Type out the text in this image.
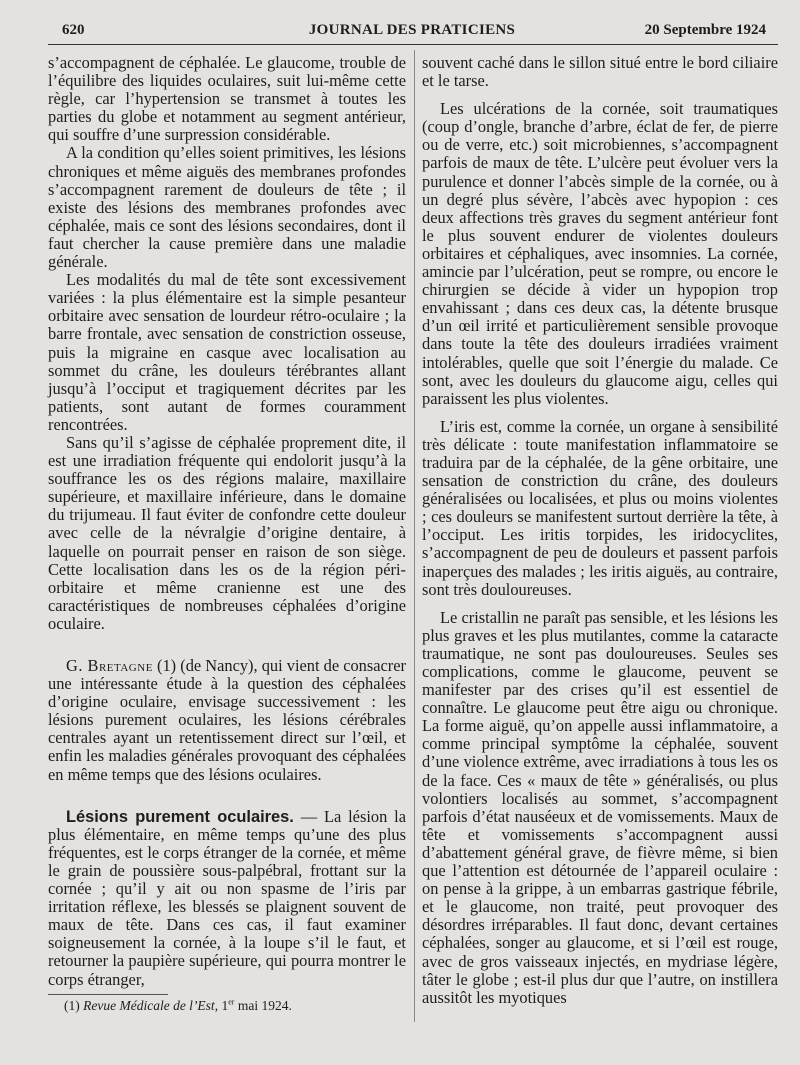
620	JOURNAL DES PRATICIENS	20 Septembre 1924

s’accompagnent de céphalée. Le glaucome, trouble de l’équilibre des liquides oculaires, suit lui-même cette règle, car l’hypertension se transmet à toutes les parties du globe et notamment au segment antérieur, qui souffre d’une surpression considérable.

A la condition qu’elles soient primitives, les lésions chroniques et même aiguës des membranes profondes s’accompagnent rarement de douleurs de tête ; il existe des lésions des membranes profondes avec céphalée, mais ce sont des lésions secondaires, dont il faut chercher la cause première dans une maladie générale.

Les modalités du mal de tête sont excessivement variées : la plus élémentaire est la simple pesanteur orbitaire avec sensation de lourdeur rétro-oculaire ; la barre frontale, avec sensation de constriction osseuse, puis la migraine en casque avec localisation au sommet du crâne, les douleurs térébrantes allant jusqu’à l’occiput et tragiquement décrites par les patients, sont autant de formes couramment rencontrées.

Sans qu’il s’agisse de céphalée proprement dite, il est une irradiation fréquente qui endolorit jusqu’à la souffrance les os des régions malaire, maxillaire supérieure, et maxillaire inférieure, dans le domaine du trijumeau. Il faut éviter de confondre cette douleur avec celle de la névralgie d’origine dentaire, à laquelle on pourrait penser en raison de son siège. Cette localisation dans les os de la région péri-orbitaire et même cranienne est une des caractéristiques de nombreuses céphalées d’origine oculaire.

G. Bretagne (1) (de Nancy), qui vient de consacrer une intéressante étude à la question des céphalées d’origine oculaire, envisage successivement : les lésions purement oculaires, les lésions cérébrales centrales ayant un retentissement direct sur l’œil, et enfin les maladies générales provoquant des céphalées en même temps que des lésions oculaires.

Lésions purement oculaires. — La lésion la plus élémentaire, en même temps qu’une des plus fréquentes, est le corps étranger de la cornée, et même le grain de poussière sous-palpébral, frottant sur la cornée ; qu’il y ait ou non spasme de l’iris par irritation réflexe, les blessés se plaignent souvent de maux de tête. Dans ces cas, il faut examiner soigneusement la cornée, à la loupe s’il le faut, et retourner la paupière supérieure, qui pourra montrer le corps étranger,

souvent caché dans le sillon situé entre le bord ciliaire et le tarse.

Les ulcérations de la cornée, soit traumatiques (coup d’ongle, branche d’arbre, éclat de fer, de pierre ou de verre, etc.) soit microbiennes, s’accompagnent parfois de maux de tête. L’ulcère peut évoluer vers la purulence et donner l’abcès simple de la cornée, ou à un degré plus sévère, l’abcès avec hypopion : ces deux affections très graves du segment antérieur font le plus souvent endurer de violentes douleurs orbitaires et céphaliques, avec insomnies. La cornée, amincie par l’ulcération, peut se rompre, ou encore le chirurgien se décide à vider un hypopion trop envahissant ; dans ces deux cas, la détente brusque d’un œil irrité et particulièrement sensible provoque dans toute la tête des douleurs irradiées vraiment intolérables, quelle que soit l’énergie du malade. Ce sont, avec les douleurs du glaucome aigu, celles qui paraissent les plus violentes.

L’iris est, comme la cornée, un organe à sensibilité très délicate : toute manifestation inflammatoire se traduira par de la céphalée, de la gêne orbitaire, une sensation de constriction du crâne, des douleurs généralisées ou localisées, et plus ou moins violentes ; ces douleurs se manifestent surtout derrière la tête, à l’occiput. Les iritis torpides, les iridocyclites, s’accompagnent de peu de douleurs et passent parfois inaperçues des malades ; les iritis aiguës, au contraire, sont très douloureuses.

Le cristallin ne paraît pas sensible, et les lésions les plus graves et les plus mutilantes, comme la cataracte traumatique, ne sont pas douloureuses. Seules ses complications, comme le glaucome, peuvent se manifester par des crises qu’il est essentiel de connaître. Le glaucome peut être aigu ou chronique. La forme aiguë, qu’on appelle aussi inflammatoire, a comme principal symptôme la céphalée, souvent d’une violence extrême, avec irradiations à tous les os de la face. Ces « maux de tête » généralisés, ou plus volontiers localisés au sommet, s’accompagnent parfois d’état nauséeux et de vomissements. Maux de tête et vomissements s’accompagnent aussi d’abattement général grave, de fièvre même, si bien que l’attention est détournée de l’appareil oculaire : on pense à la grippe, à un embarras gastrique fébrile, et le glaucome, non traité, peut provoquer des désordres irréparables. Il faut donc, devant certaines céphalées, songer au glaucome, et si l’œil est rouge, avec de gros vaisseaux injectés, en mydriase légère, tâter le globe ; est-il plus dur que l’autre, on instillera aussitôt les myotiques

(1) Revue Médicale de l’Est, 1er mai 1924.
